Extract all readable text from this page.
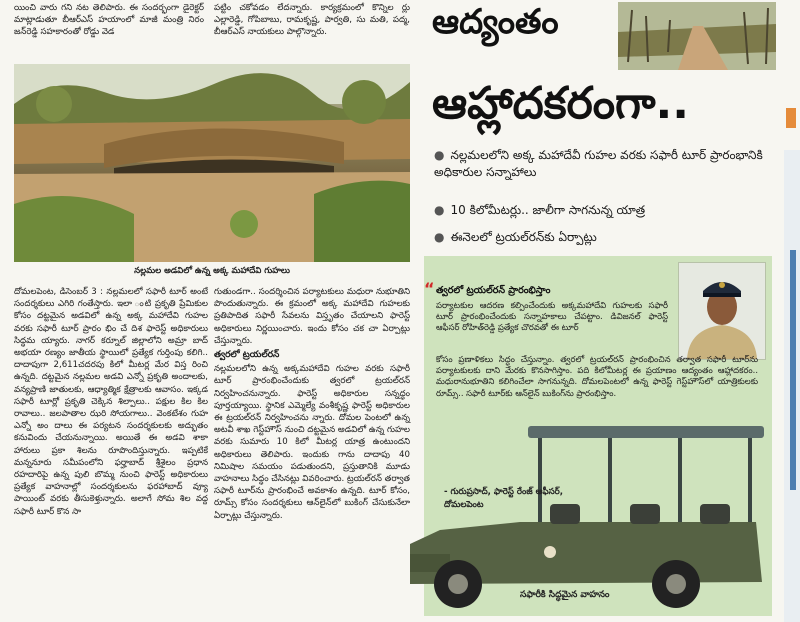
యించి వారు గని నట తెలిపారు. ఈ సందర్భంగా డైరెక్టర్ మాట్లాడుతూ బీఆర్ఎస్ హయాంలో మాజీ మంత్రి నిరం జన్‌రెడ్డి సహకారంతో రోడ్డు వెడ
పట్టిం చకోవడం లేదన్నారు. కార్యక్రమంలో కొన్నిల ర్లు ఎల్లారెడ్డి, గోపిబాబు, రామకృష్ణ, పార్వతి, సు మతి, పద్మ, బీఆర్ఎస్ నాయకులు పాల్గొన్నారు.
నల్లమల అడవిలో ఉన్న అక్క మహాదేవి గుహలు
దోమలపెంట, డిసెంబర్ 3 : నల్లమలలో సఫారీ టూర్ అంటే సందర్శకులు ఎగిరి గంతేస్తారు. ఇలా ంటి ప్రకృతి ప్రేమికుల కోసం దట్టమైన అడవిలో ఉన్న అక్క మహాదేవి గుహల వరకు సఫారీ టూర్ ప్రారం భిం చే దిశ ఫారెస్ట్ అధికారులు సిద్ధమ య్యారు. నాగర్ కర్నూల్ జిల్లాలోని అమ్రా బాద్ అభయా రణ్యం జాతీయ స్థాయిలో ప్రత్యేక గుర్తింపు కలిగి.. దాదాపుగా 2,611చదరపు కిలో మీటర్ల మేర విస్త రించి ఉన్నది. దట్టమైన నల్లమల అడవి ఎన్నో ప్రకృతి అందాలకు, వన్యప్రాణి జాతులకు, ఆధ్యాత్మిక క్షేత్రాలకు ఆవాసం. ఇక్కడ సఫారీ టూర్లో ప్రకృతి చెక్కిన శిల్పాలు.. పక్షుల కిల కిల రావాలు.. జలపాతాల ఝరి సోయగాలు.. వెంకటేశం గుహ ఎన్నో అం దాలు ఈ పర్యటన సందర్శకులకు అద్భుతం కనువిందు చేయనున్నాయి. అయితే ఈ అడవి శాకా హారులు ప్రకా శిలను రూపొందిస్తున్నారు. ఇప్పటికే మన్ననూరు సమీపంలోని ఫర్హాబాద్ శ్రీశైలం ప్రధాన రహదారిపై ఉన్న పులి బొమ్మ నుంచి ఫారెస్ట్ అధికారులు ప్రత్యేక వాహనాల్లో సందర్శకులను ఫరహాబాద్ వ్యూ పాయింట్ వరకు తీసుకెళ్తున్నారు. అలాగే సోమ శిల వద్ద సఫారీ టూర్ కొన సా
గుతుండగా.. సందర్శించిన పర్యాటకులు మధురా నుభూతిని పొందుతున్నారు. ఈ క్రమంలో అక్క మహాదేవి గుహలకు ప్రతిపాదిత సఫారీ సేవలను విస్తృతం చేయాలని ఫారెస్ట్ అధికారులు నిర్ణయించారు. ఇందు కోసం చక చా ఏర్పాట్లు చేస్తున్నారు.
త్వరలో ట్రయల్‌రన్
నల్లమలలోని ఉన్న అక్కమహాదేవి గుహల వరకు సఫారీ టూర్ ప్రారంభించేందుకు త్వరలో ట్రయల్‌రన్ నిర్వహించనున్నారు. ఫారెస్ట్ అధికారుల సన్నద్ధం పూర్తయ్యాయి. స్థానిక ఎమ్మెల్యే వంశీకృష్ణ ఫారెస్ట్ అధికారుల ఈ ట్రయల్‌రన్ నిర్వహించను న్నారు. దోమల పెంటలో ఉన్న అటవీ శాఖ గెస్ట్‌హౌస్ నుంచి దట్టమైన అడవిలో ఉన్న గుహల వరకు సుమారు 10 కిలో మీటర్ల యాత్ర ఉంటుందని అధికారులు తెలిపారు. ఇందుకు గాను దాదాపు 40 నిమిషాల సమయం పడుతుందని, ప్రస్తుతానికి మూడు వాహనాలు సిద్ధం చేసినట్లు వివరించారు. ట్రయల్‌రన్ తర్వాత సఫారీ టూర్‌ను ప్రారంభించే అవకాశం ఉన్నది. టూర్ కోసం, రూమ్స్ కోసం సందర్శకులు ఆన్‌లైన్‌లో బుకింగ్ చేసుకునేలా ఏర్పాట్లు చేస్తున్నారు.
ఆద్యంతం
ఆహ్లాదకరంగా..
● నల్లమలలోని అక్క మహాదేవీ గుహల వరకు సఫారీ టూర్ ప్రారంభానికి అధికారుల సన్నాహాలు
● 10 కిలోమీటర్లు.. జాలీగా సాగనున్న యాత్ర
● ఈనెలలో ట్రయల్‌రన్‌కు ఏర్పాట్లు
“ త్వరలో ట్రయల్‌రన్ ప్రారంభిస్తాం
పర్యాటకుల ఆదరణ కల్పించేందుకు అక్కమహాదేవి గుహలకు సఫారీ టూర్ ప్రారంభించేందుకు సన్నాహకాలు చేపట్టాం. డివిజనల్ ఫారెస్ట్ ఆఫీసర్ రోహిత్‌రెడ్డి ప్రత్యేక చొరవతో ఈ టూర్
కోసం ప్రణాళికలు సిద్ధం చేస్తున్నాం. త్వరలో ట్రయల్‌రన్ ప్రారంభించిన తర్వాత సఫారీ టూర్‌ను పర్యాటకులకు దాని మేరకు కొనసాగిస్తాం. పది కిలోమీటర్ల ఈ ప్రయాణం ఆద్యంతం ఆహ్లాదకరం.. మధురానుభూతిని కలిగించేలా సాగనున్నది. దోమలపెంటలో ఉన్న ఫారెస్ట్ గెస్ట్‌హౌస్‌లో యాత్రికులకు రూమ్స్.. సఫారీ టూర్‌కు ఆన్‌లైన్ బుకింగ్‌ను ప్రారంభిస్తాం.
- గురుప్రసాద్, ఫారెస్ట్ రేంజ్ ఆఫీసర్, దోమలపెంట
సఫారీకి సిద్ధమైన వాహనం
